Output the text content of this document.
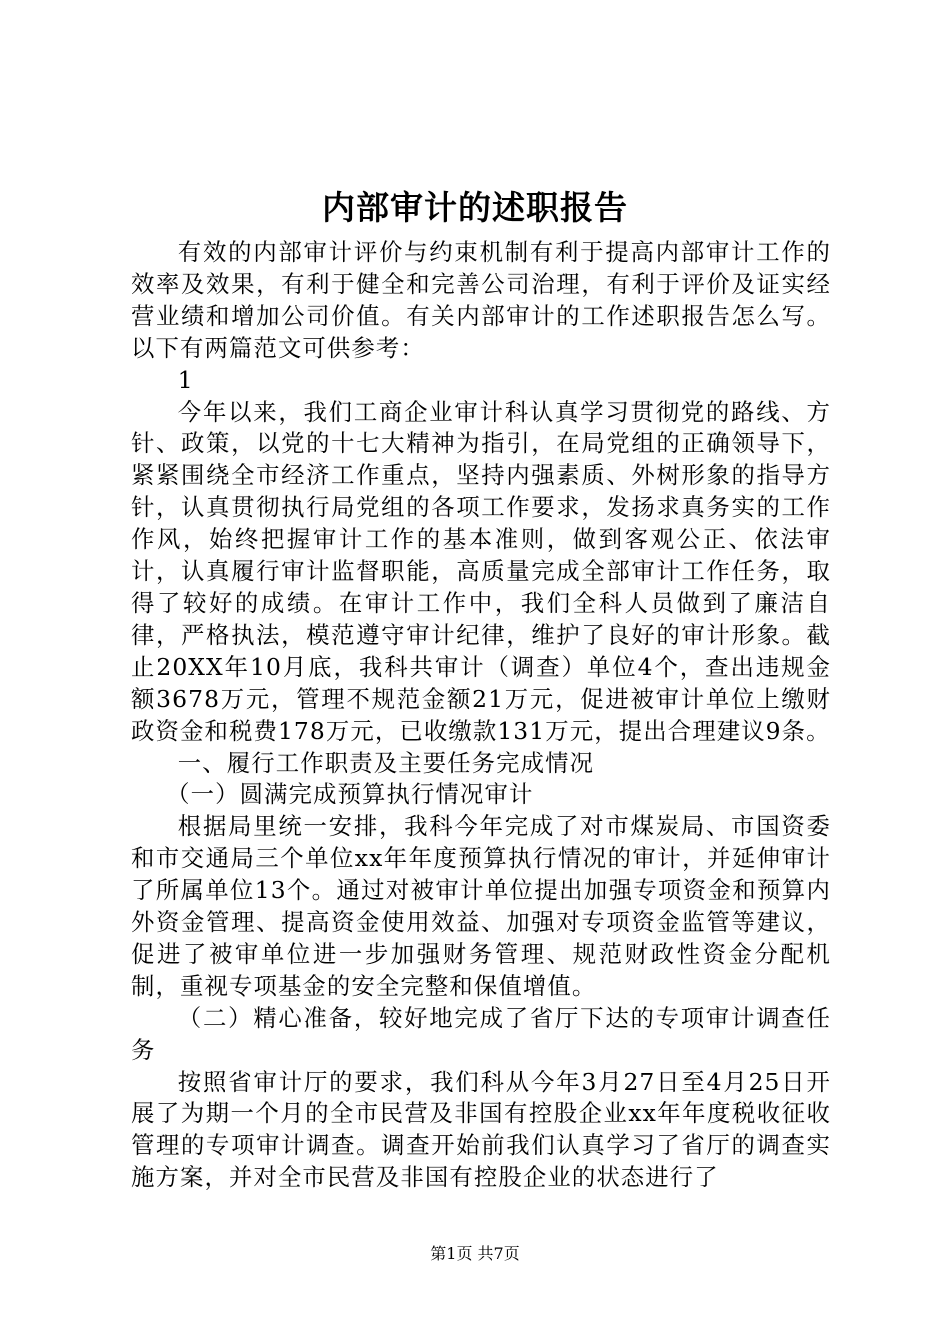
内部审计的述职报告

有效的内部审计评价与约束机制有利于提高内部审计工作的效率及效果，有利于健全和完善公司治理，有利于评价及证实经营业绩和增加公司价值。有关内部审计的工作述职报告怎么写。以下有两篇范文可供参考：

1

今年以来，我们工商企业审计科认真学习贯彻党的路线、方针、政策，以党的十七大精神为指引，在局党组的正确领导下，紧紧围绕全市经济工作重点，坚持内强素质、外树形象的指导方针，认真贯彻执行局党组的各项工作要求，发扬求真务实的工作作风，始终把握审计工作的基本准则，做到客观公正、依法审计，认真履行审计监督职能，高质量完成全部审计工作任务，取得了较好的成绩。在审计工作中，我们全科人员做到了廉洁自律，严格执法，模范遵守审计纪律，维护了良好的审计形象。截止20XX年10月底，我科共审计（调查）单位4个，查出违规金额3678万元，管理不规范金额21万元，促进被审计单位上缴财政资金和税费178万元，已收缴款131万元，提出合理建议9条。

一、履行工作职责及主要任务完成情况

（一）圆满完成预算执行情况审计

根据局里统一安排，我科今年完成了对市煤炭局、市国资委和市交通局三个单位xx年年度预算执行情况的审计，并延伸审计了所属单位13个。通过对被审计单位提出加强专项资金和预算内外资金管理、提高资金使用效益、加强对专项资金监管等建议，促进了被审单位进一步加强财务管理、规范财政性资金分配机制，重视专项基金的安全完整和保值增值。

（二）精心准备，较好地完成了省厅下达的专项审计调查任务

按照省审计厅的要求，我们科从今年3月27日至4月25日开展了为期一个月的全市民营及非国有控股企业xx年年度税收征收管理的专项审计调查。调查开始前我们认真学习了省厅的调查实施方案，并对全市民营及非国有控股企业的状态进行了

第1页 共7页
